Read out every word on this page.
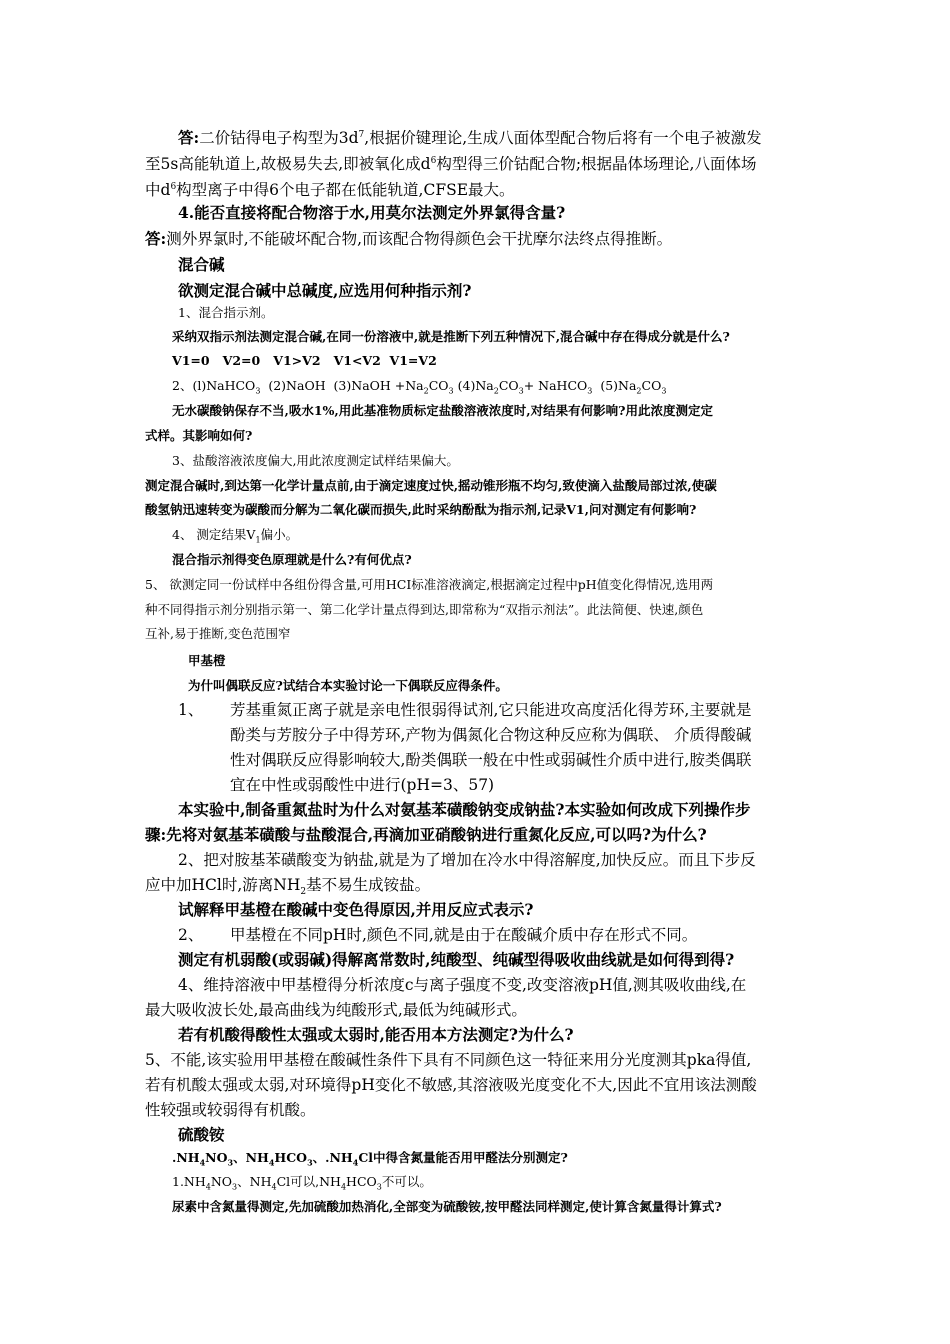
答:二价钴得电子构型为$3d^7$,根据价键理论,生成八面体型配合物后将有一个电子被激发
至5s高能轨道上,故极易失去,即被氧化成$d^6$构型得三价钴配合物;根据晶体场理论,八面体场
中$d^6$构型离子中得6个电子都在低能轨道,CFSE最大。
4.能否直接将配合物溶于水,用莫尔法测定外界氯得含量?
答:测外界氯时,不能破坏配合物,而该配合物得颜色会干扰摩尔法终点得推断。
混合碱
欲测定混合碱中总碱度,应选用何种指示剂?
1、混合指示剂。
采纳双指示剂法测定混合碱,在同一份溶液中,就是推断下列五种情况下,混合碱中存在得成分就是什么?
V1=0   V2=0   V1>V2   V1<V2  V1=V2
2、(l)NaHCO$_3$  (2)NaOH  (3)NaOH $+Na_2CO_3$ $(4)Na_2CO_3+$ NaHCO$_3$  $(5)Na_2CO_3$
无水碳酸钠保存不当,吸水1%,用此基准物质标定盐酸溶液浓度时,对结果有何影响?用此浓度测定定
式样。其影响如何?
3、盐酸溶液浓度偏大,用此浓度测定试样结果偏大。
测定混合碱时,到达第一化学计量点前,由于滴定速度过快,摇动锥形瓶不均匀,致使滴入盐酸局部过浓,使碳
酸氢钠迅速转变为碳酸而分解为二氧化碳而损失,此时采纳酚酞为指示剂,记录V1,问对测定有何影响?
4、 测定结果$V_1$偏小。
混合指示剂得变色原理就是什么?有何优点?
5、 欲测定同一份试样中各组份得含量,可用HCI标准溶液滴定,根据滴定过程中pH值变化得情况,选用两
种不同得指示剂分别指示第一、第二化学计量点得到达,即常称为“双指示剂法”。此法简便、快速,颜色
互补,易于推断,变色范围窄
甲基橙
为什叫偶联反应?试结合本实验讨论一下偶联反应得条件。
1、 芳基重氮正离子就是亲电性很弱得试剂,它只能进攻高度活化得芳环,主要就是
酚类与芳胺分子中得芳环,产物为偶氮化合物这种反应称为偶联、 介质得酸碱
性对偶联反应得影响较大,酚类偶联一般在中性或弱碱性介质中进行,胺类偶联
宜在中性或弱酸性中进行(pH=3、57)
本实验中,制备重氮盐时为什么对氨基苯磺酸钠变成钠盐?本实验如何改成下列操作步
骤:先将对氨基苯磺酸与盐酸混合,再滴加亚硝酸钠进行重氮化反应,可以吗?为什么?
2、把对胺基苯磺酸变为钠盐,就是为了增加在冷水中得溶解度,加快反应。而且下步反
应中加HCl时,游离$NH_2$基不易生成铵盐。
试解释甲基橙在酸碱中变色得原因,并用反应式表示?
2、 甲基橙在不同pH时,颜色不同,就是由于在酸碱介质中存在形式不同。
测定有机弱酸(或弱碱)得解离常数时,纯酸型、纯碱型得吸收曲线就是如何得到得?
4、维持溶液中甲基橙得分析浓度c与离子强度不变,改变溶液pH值,测其吸收曲线,在
最大吸收波长处,最高曲线为纯酸形式,最低为纯碱形式。
若有机酸得酸性太强或太弱时,能否用本方法测定?为什么?
5、不能,该实验用甲基橙在酸碱性条件下具有不同颜色这一特征来用分光度测其pka得值,
若有机酸太强或太弱,对环境得pH变化不敏感,其溶液吸光度变化不大,因此不宜用该法测酸
性较强或较弱得有机酸。
硫酸铵
$.NH_4NO_3$、$NH_4HCO_3$、$.NH_4Cl$中得含氮量能否用甲醛法分别测定?
$1.NH_4NO_3$、$NH_4Cl$可以$,NH_4HCO_3$不可以。
尿素中含氮量得测定,先加硫酸加热消化,全部变为硫酸铵,按甲醛法同样测定,使计算含氮量得计算式?
